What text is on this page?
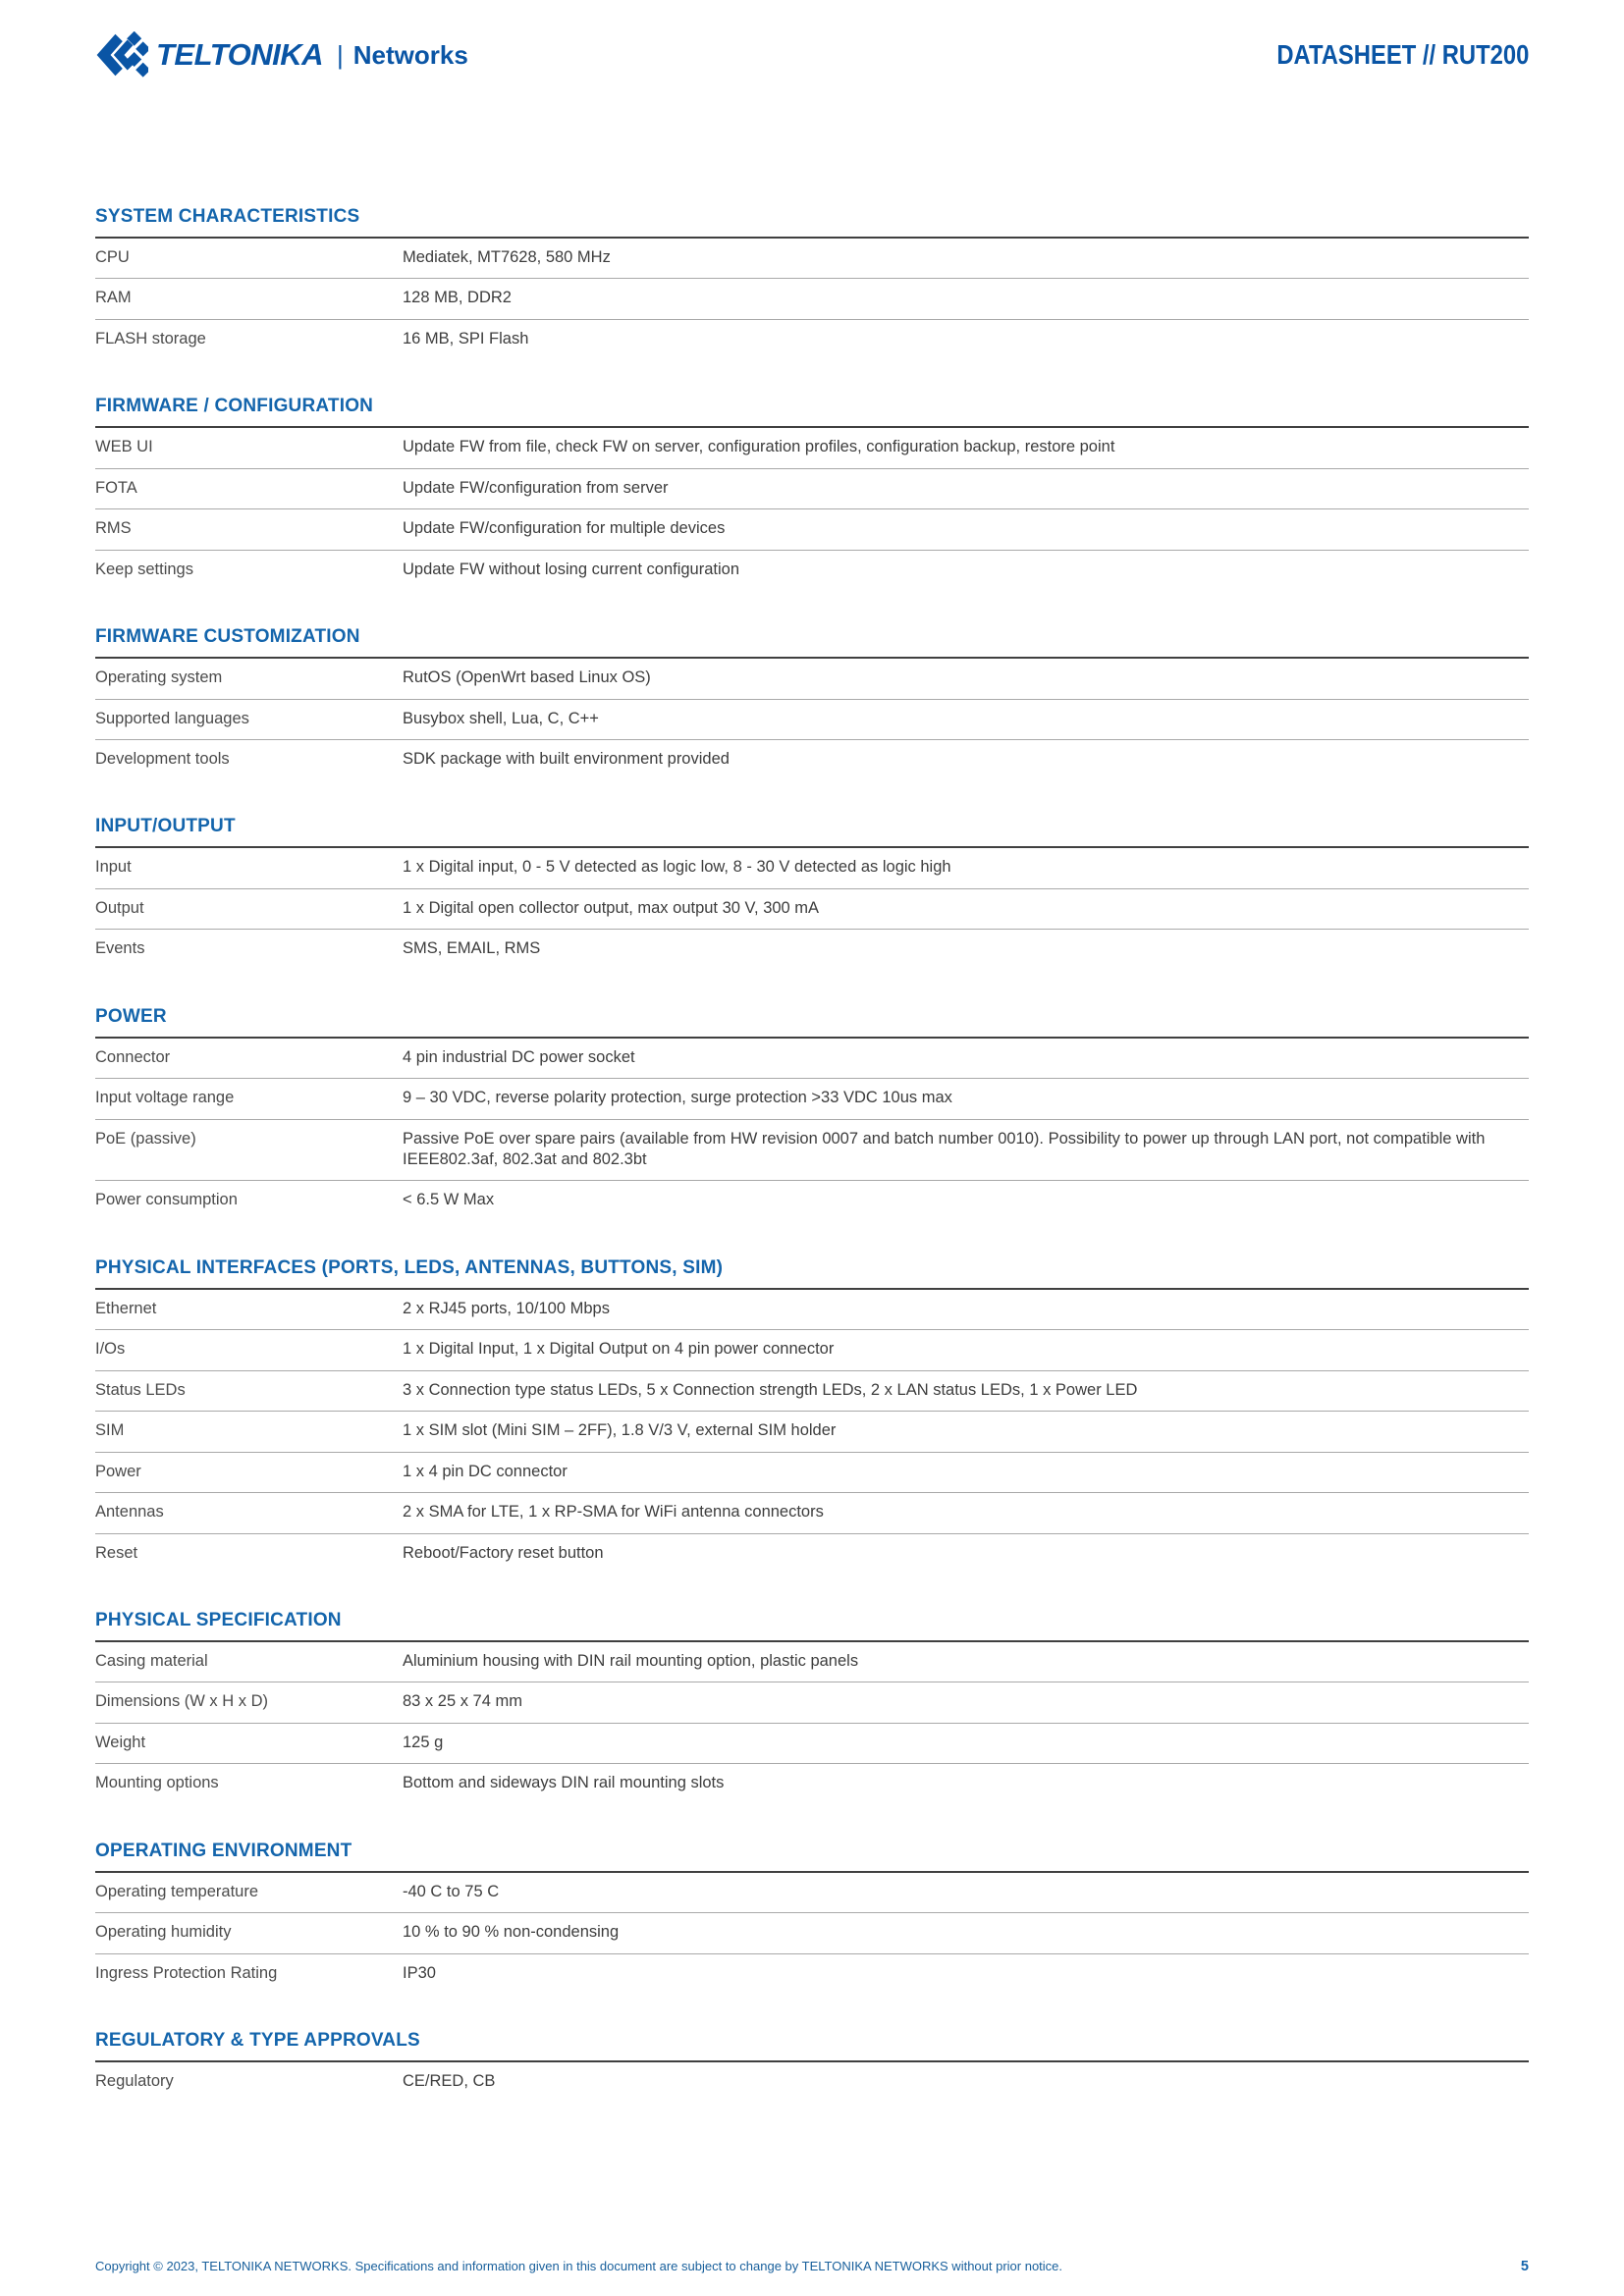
TELTONIKA | Networks	DATASHEET // RUT200
SYSTEM CHARACTERISTICS
CPU	Mediatek, MT7628, 580 MHz
RAM	128 MB, DDR2
FLASH storage	16 MB, SPI Flash
FIRMWARE / CONFIGURATION
WEB UI	Update FW from file, check FW on server, configuration profiles, configuration backup, restore point
FOTA	Update FW/configuration from server
RMS	Update FW/configuration for multiple devices
Keep settings	Update FW without losing current configuration
FIRMWARE CUSTOMIZATION
Operating system	RutOS (OpenWrt based Linux OS)
Supported languages	Busybox shell, Lua, C, C++
Development tools	SDK package with built environment provided
INPUT/OUTPUT
Input	1 x Digital input, 0 - 5 V detected as logic low, 8 - 30 V detected as logic high
Output	1 x Digital open collector output, max output 30 V, 300 mA
Events	SMS, EMAIL, RMS
POWER
Connector	4 pin industrial DC power socket
Input voltage range	9 – 30 VDC, reverse polarity protection, surge protection >33 VDC 10us max
PoE (passive)	Passive PoE over spare pairs (available from HW revision 0007 and batch number 0010). Possibility to power up through LAN port, not compatible with IEEE802.3af, 802.3at and 802.3bt
Power consumption	< 6.5 W Max
PHYSICAL INTERFACES (PORTS, LEDS, ANTENNAS, BUTTONS, SIM)
Ethernet	2 x RJ45 ports, 10/100 Mbps
I/Os	1 x Digital Input, 1 x Digital Output on 4 pin power connector
Status LEDs	3 x Connection type status LEDs, 5 x Connection strength LEDs, 2 x LAN status LEDs, 1 x Power LED
SIM	1 x SIM slot (Mini SIM – 2FF), 1.8 V/3 V, external SIM holder
Power	1 x 4 pin DC connector
Antennas	2 x SMA for LTE, 1 x RP-SMA for WiFi antenna connectors
Reset	Reboot/Factory reset button
PHYSICAL SPECIFICATION
Casing material	Aluminium housing with DIN rail mounting option, plastic panels
Dimensions (W x H x D)	83 x 25 x 74 mm
Weight	125 g
Mounting options	Bottom and sideways DIN rail mounting slots
OPERATING ENVIRONMENT
Operating temperature	-40 C to 75 C
Operating humidity	10 % to 90 % non-condensing
Ingress Protection Rating	IP30
REGULATORY & TYPE APPROVALS
Regulatory	CE/RED, CB
Copyright © 2023, TELTONIKA NETWORKS. Specifications and information given in this document are subject to change by TELTONIKA NETWORKS without prior notice.	5
